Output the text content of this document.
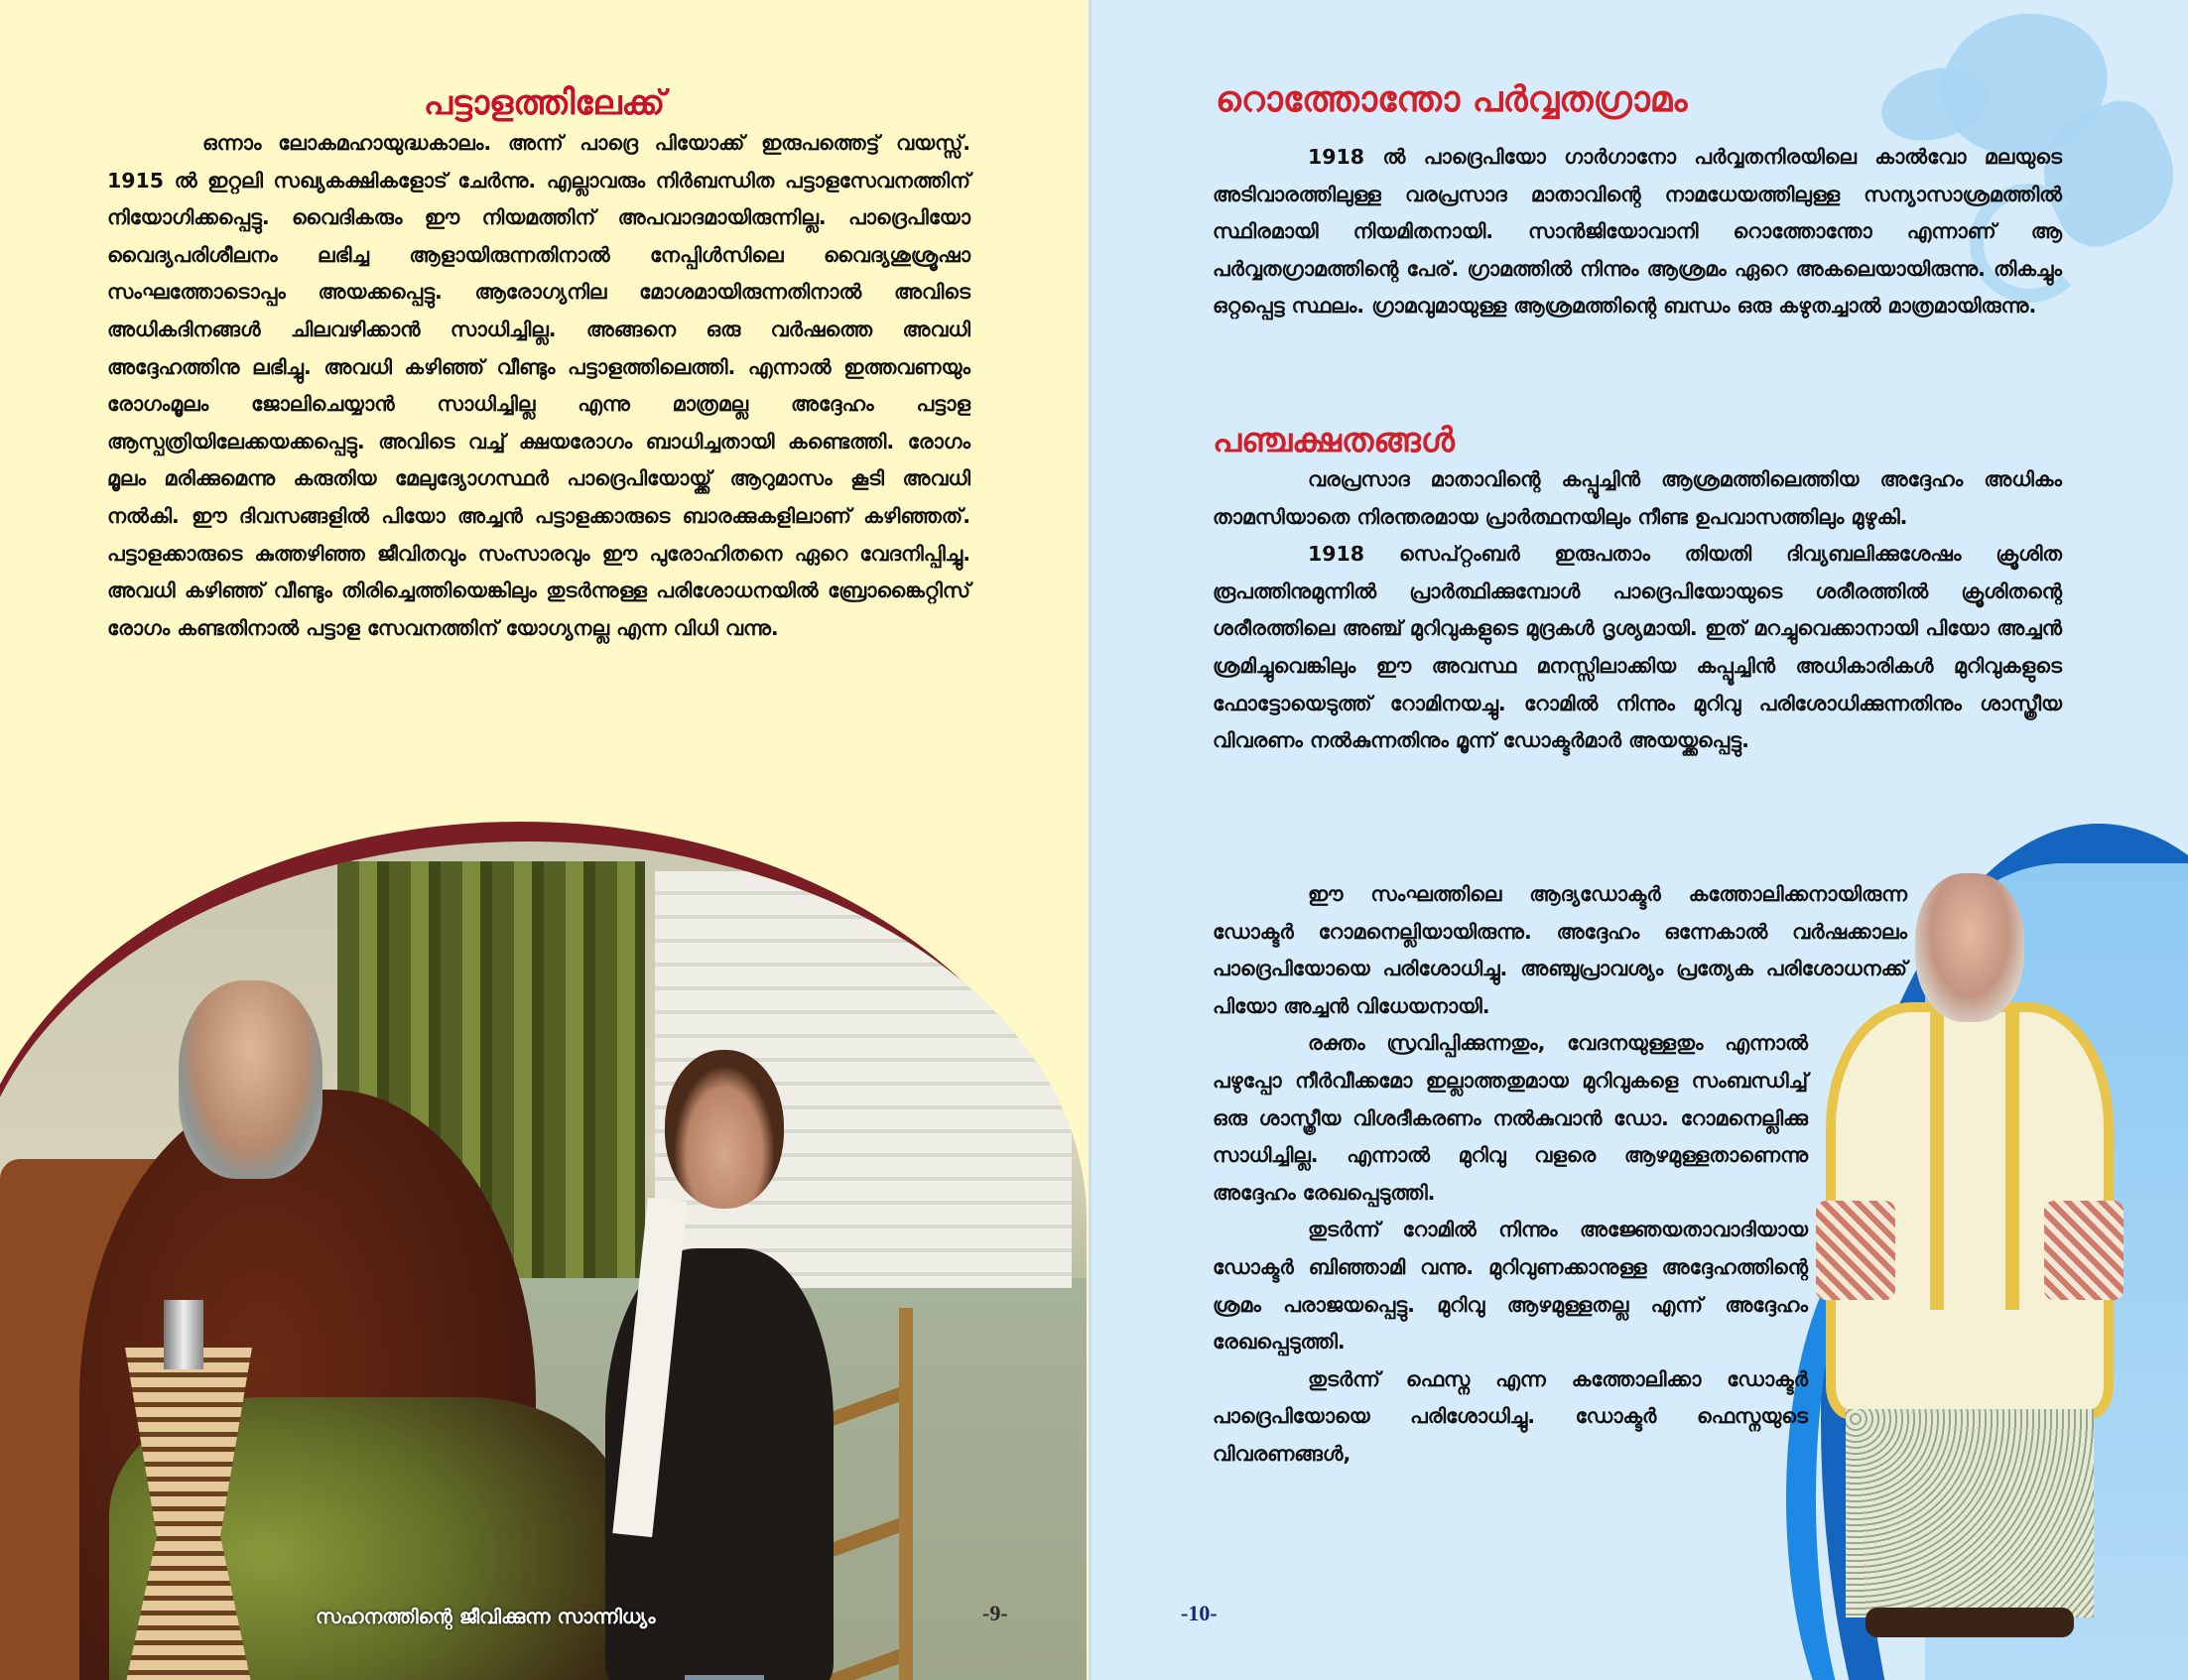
പട്ടാളത്തിലേക്ക്

ഒന്നാം ലോകമഹായുദ്ധകാലം. അന്ന് പാദ്രെ പിയോക്ക് ഇരുപത്തെട്ട് വയസ്സ്. 1915 ൽ ഇറ്റലി സഖ്യകക്ഷികളോട് ചേർന്നു. എല്ലാവരും നിർബന്ധിത പട്ടാളസേവനത്തിന് നിയോഗിക്കപ്പെട്ടു. വൈദികരും ഈ നിയമത്തിന് അപവാദമായിരുന്നില്ല. പാദ്രെപിയോ വൈദ്യപരിശീലനം ലഭിച്ച ആളായിരുന്നതിനാൽ നേപ്പിൾസിലെ വൈദ്യശുശ്രൂഷാ സംഘത്തോടൊപ്പം അയക്കപ്പെട്ടു. ആരോഗ്യനില മോശമായിരുന്നതിനാൽ അവിടെ അധികദിനങ്ങൾ ചിലവഴിക്കാൻ സാധിച്ചില്ല. അങ്ങനെ ഒരു വർഷത്തെ അവധി അദ്ദേഹത്തിനു ലഭിച്ചു. അവധി കഴിഞ്ഞ് വീണ്ടും പട്ടാളത്തിലെത്തി. എന്നാൽ ഇത്തവണയും രോഗംമൂലം ജോലിചെയ്യാൻ സാധിച്ചില്ല എന്നു മാത്രമല്ല അദ്ദേഹം പട്ടാള ആസ്പത്രിയിലേക്കയക്കപ്പെട്ടു. അവിടെ വച്ച് ക്ഷയരോഗം ബാധിച്ചതായി കണ്ടെത്തി. രോഗം മൂലം മരിക്കുമെന്നു കരുതിയ മേലുദ്യോഗസ്ഥർ പാദ്രെപിയോയ്ക്ക് ആറുമാസം കൂടി അവധി നൽകി. ഈ ദിവസങ്ങളിൽ പിയോ അച്ചൻ പട്ടാളക്കാരുടെ ബാരക്കുകളിലാണ് കഴിഞ്ഞത്. പട്ടാളക്കാരുടെ കുത്തഴിഞ്ഞ ജീവിതവും സംസാരവും ഈ പുരോഹിതനെ ഏറെ വേദനിപ്പിച്ചു. അവധി കഴിഞ്ഞ് വീണ്ടും തിരിച്ചെത്തിയെങ്കിലും തുടർന്നുള്ള പരിശോധനയിൽ ബ്രോങ്കൈറ്റിസ് രോഗം കണ്ടതിനാൽ പട്ടാള സേവനത്തിന് യോഗ്യനല്ല എന്ന വിധി വന്നു.

സഹനത്തിന്റെ ജീവിക്കുന്ന സാന്നിധ്യം	-9-
റൊത്തോന്തോ പർവ്വതഗ്രാമം

1918 ൽ പാദ്രെപിയോ ഗാർഗാനോ പർവ്വതനിരയിലെ കാൽവോ മലയുടെ അടിവാരത്തിലുള്ള വരപ്രസാദ മാതാവിന്റെ നാമധേയത്തിലുള്ള സന്യാസാശ്രമത്തിൽ സ്ഥിരമായി നിയമിതനായി. സാൻജിയോവാനി റൊത്തോന്തോ എന്നാണ് ആ പർവ്വതഗ്രാമത്തിന്റെ പേര്. ഗ്രാമത്തിൽ നിന്നും ആശ്രമം ഏറെ അകലെയായിരുന്നു. തികച്ചും ഒറ്റപ്പെട്ട സ്ഥലം. ഗ്രാമവുമായുള്ള ആശ്രമത്തിന്റെ ബന്ധം ഒരു കഴുതച്ചാൽ മാത്രമായിരുന്നു.

പഞ്ചക്ഷതങ്ങൾ

വരപ്രസാദ മാതാവിന്റെ കപ്പൂച്ചിൻ ആശ്രമത്തിലെത്തിയ അദ്ദേഹം അധികം താമസിയാതെ നിരന്തരമായ പ്രാർത്ഥനയിലും നീണ്ട ഉപവാസത്തിലും മുഴുകി.

1918 സെപ്റ്റംബർ ഇരുപതാം തിയതി ദിവ്യബലിക്കുശേഷം ക്രൂശിത രൂപത്തിനുമുന്നിൽ പ്രാർത്ഥിക്കുമ്പോൾ പാദ്രെപിയോയുടെ ശരീരത്തിൽ ക്രൂശിതന്റെ ശരീരത്തിലെ അഞ്ച് മുറിവുകളുടെ മുദ്രകൾ ദൃശ്യമായി. ഇത് മറച്ചുവെക്കാനായി പിയോ അച്ചൻ ശ്രമിച്ചുവെങ്കിലും ഈ അവസ്ഥ മനസ്സിലാക്കിയ കപ്പൂച്ചിൻ അധികാരികൾ മുറിവുകളുടെ ഫോട്ടോയെടുത്ത് റോമിനയച്ചു. റോമിൽ നിന്നും മുറിവു പരിശോധിക്കുന്നതിനും ശാസ്ത്രീയ വിവരണം നൽകുന്നതിനും മൂന്ന് ഡോക്ടർമാർ അയയ്ക്കപ്പെട്ടു.

ഈ സംഘത്തിലെ ആദ്യഡോക്ടർ കത്തോലിക്കനായിരുന്ന ഡോക്ടർ റോമനെല്ലിയായിരുന്നു. അദ്ദേഹം ഒന്നേകാൽ വർഷക്കാലം പാദ്രെപിയോയെ പരിശോധിച്ചു. അഞ്ചുപ്രാവശ്യം പ്രത്യേക പരിശോധനക്ക് പിയോ അച്ചൻ വിധേയനായി.

രക്തം സ്രവിപ്പിക്കുന്നതും, വേദനയുള്ളതും എന്നാൽ പഴുപ്പോ നീർവീക്കമോ ഇല്ലാത്തതുമായ മുറിവുകളെ സംബന്ധിച്ച് ഒരു ശാസ്ത്രീയ വിശദീകരണം നൽകുവാൻ ഡോ. റോമനെല്ലിക്കു സാധിച്ചില്ല. എന്നാൽ മുറിവു വളരെ ആഴമുള്ളതാണെന്നു അദ്ദേഹം രേഖപ്പെടുത്തി.

തുടർന്ന് റോമിൽ നിന്നും അജ്ഞേയതാവാദിയായ ഡോക്ടർ ബിഞ്ഞാമി വന്നു. മുറിവുണക്കാനുള്ള അദ്ദേഹത്തിന്റെ ശ്രമം പരാജയപ്പെട്ടു. മുറിവു ആഴമുള്ളതല്ല എന്ന് അദ്ദേഹം രേഖപ്പെടുത്തി.

തുടർന്ന് ഫെസ്ന എന്ന കത്തോലിക്കാ ഡോക്ടർ പാദ്രെപിയോയെ പരിശോധിച്ചു. ഡോക്ടർ ഫെസ്നയുടെ വിവരണങ്ങൾ,

-10-
